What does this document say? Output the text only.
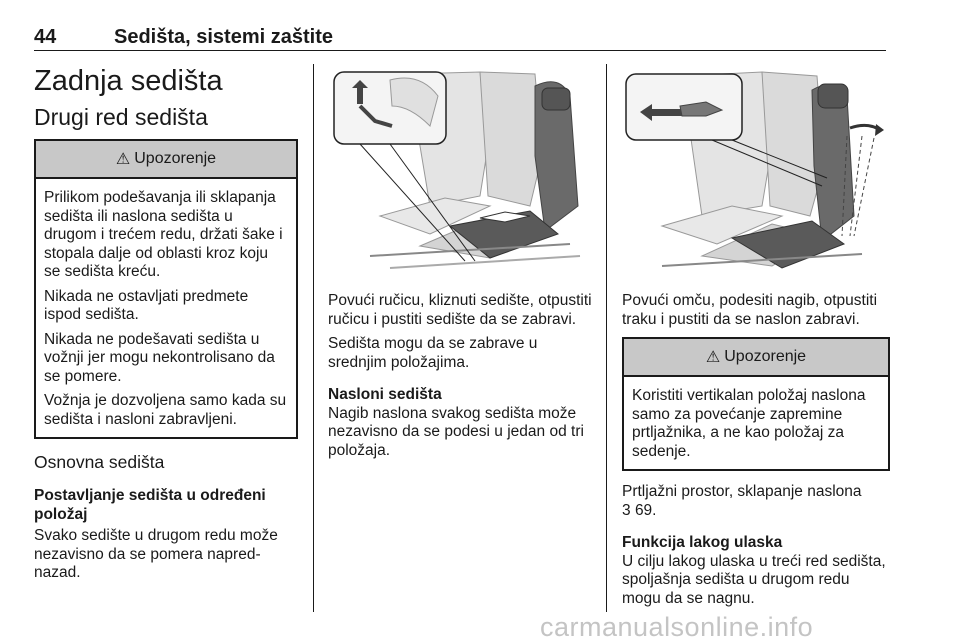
44	Sedišta, sistemi zaštite
Zadnja sedišta
Drugi red sedišta
⚠ Upozorenje

Prilikom podešavanja ili sklapanja sedišta ili naslona sedišta u drugom i trećem redu, držati šake i stopala dalje od oblasti kroz koju se sedišta kreću.

Nikada ne ostavljati predmete ispod sedišta.

Nikada ne podešavati sedišta u vožnji jer mogu nekontrolisano da se pomere.

Vožnja je dozvoljena samo kada su sedišta i nasloni zabravljeni.

Osnovna sedišta

Postavljanje sedišta u određeni položaj

Svako sedište u drugom redu može nezavisno da se pomera napred-nazad.

Povući ručicu, kliznuti sedište, otpustiti ručicu i pustiti sedište da se zabravi.

Sedišta mogu da se zabrave u srednjim položajima.

Nasloni sedišta

Nagib naslona svakog sedišta može nezavisno da se podesi u jedan od tri položaja.

Povući omču, podesiti nagib, otpustiti traku i pustiti da se naslon zabravi.

⚠ Upozorenje

Koristiti vertikalan položaj naslona samo za povećanje zapremine prtljažnika, a ne kao položaj za sedenje.

Prtljažni prostor, sklapanje naslona
3 69.

Funkcija lakog ulaska

U cilju lakog ulaska u treći red sedišta, spoljašnja sedišta u drugom redu mogu da se nagnu.

carmanualsonline.info
